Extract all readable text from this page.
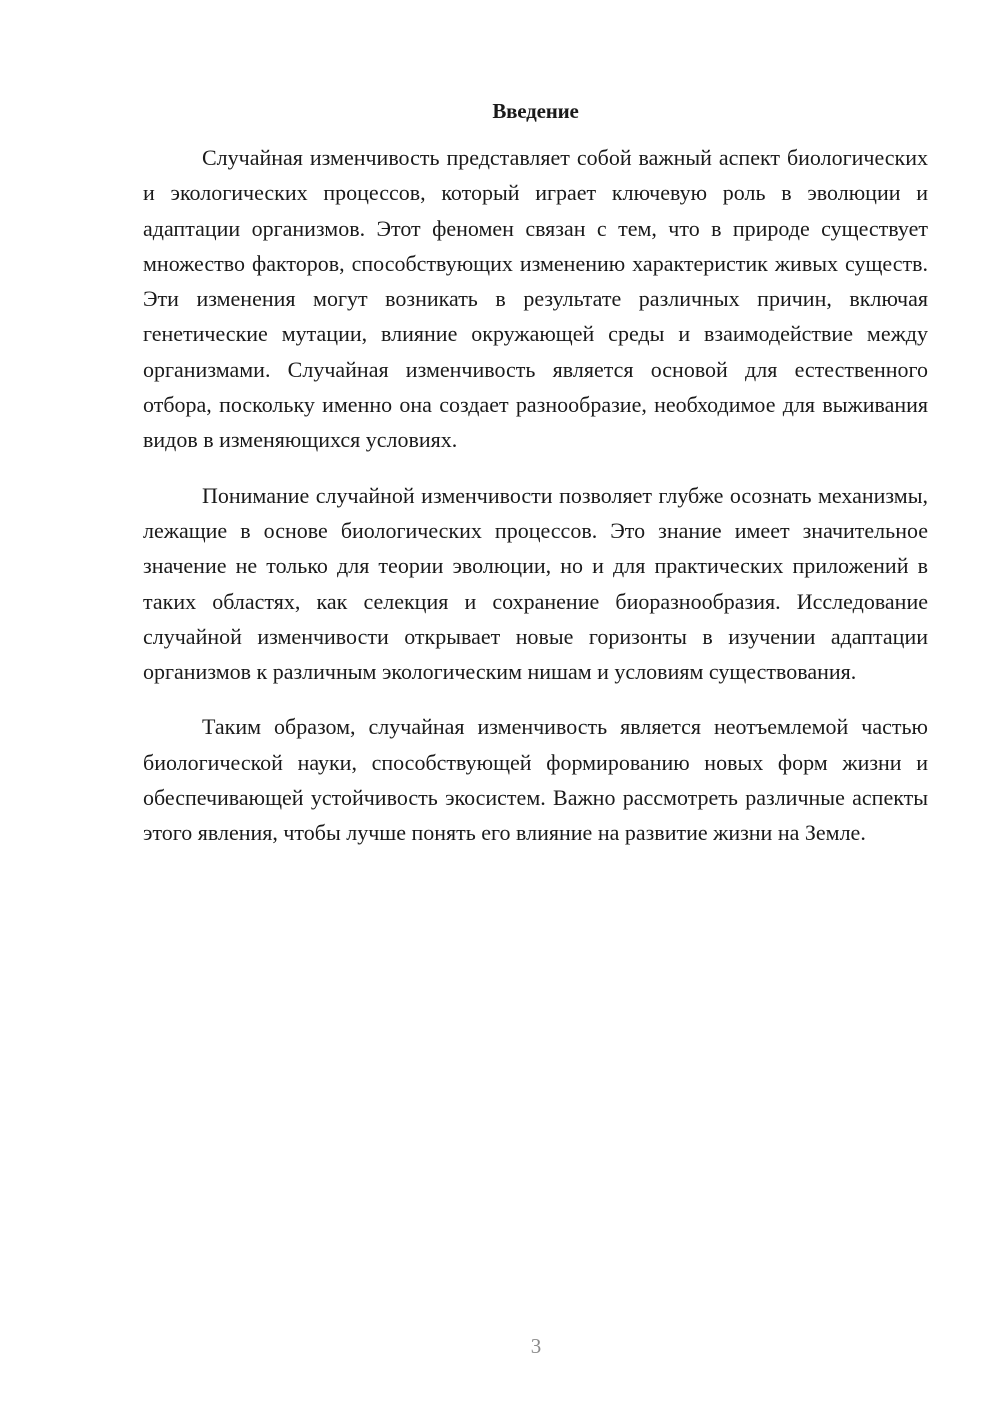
Введение

Случайная изменчивость представляет собой важный аспект биологических и экологических процессов, который играет ключевую роль в эволюции и адаптации организмов. Этот феномен связан с тем, что в природе существует множество факторов, способствующих изменению характеристик живых существ. Эти изменения могут возникать в результате различных причин, включая генетические мутации, влияние окружающей среды и взаимодействие между организмами. Случайная изменчивость является основой для естественного отбора, поскольку именно она создает разнообразие, необходимое для выживания видов в изменяющихся условиях.

Понимание случайной изменчивости позволяет глубже осознать механизмы, лежащие в основе биологических процессов. Это знание имеет значительное значение не только для теории эволюции, но и для практических приложений в таких областях, как селекция и сохранение биоразнообразия. Исследование случайной изменчивости открывает новые горизонты в изучении адаптации организмов к различным экологическим нишам и условиям существования.

Таким образом, случайная изменчивость является неотъемлемой частью биологической науки, способствующей формированию новых форм жизни и обеспечивающей устойчивость экосистем. Важно рассмотреть различные аспекты этого явления, чтобы лучше понять его влияние на развитие жизни на Земле.

3
